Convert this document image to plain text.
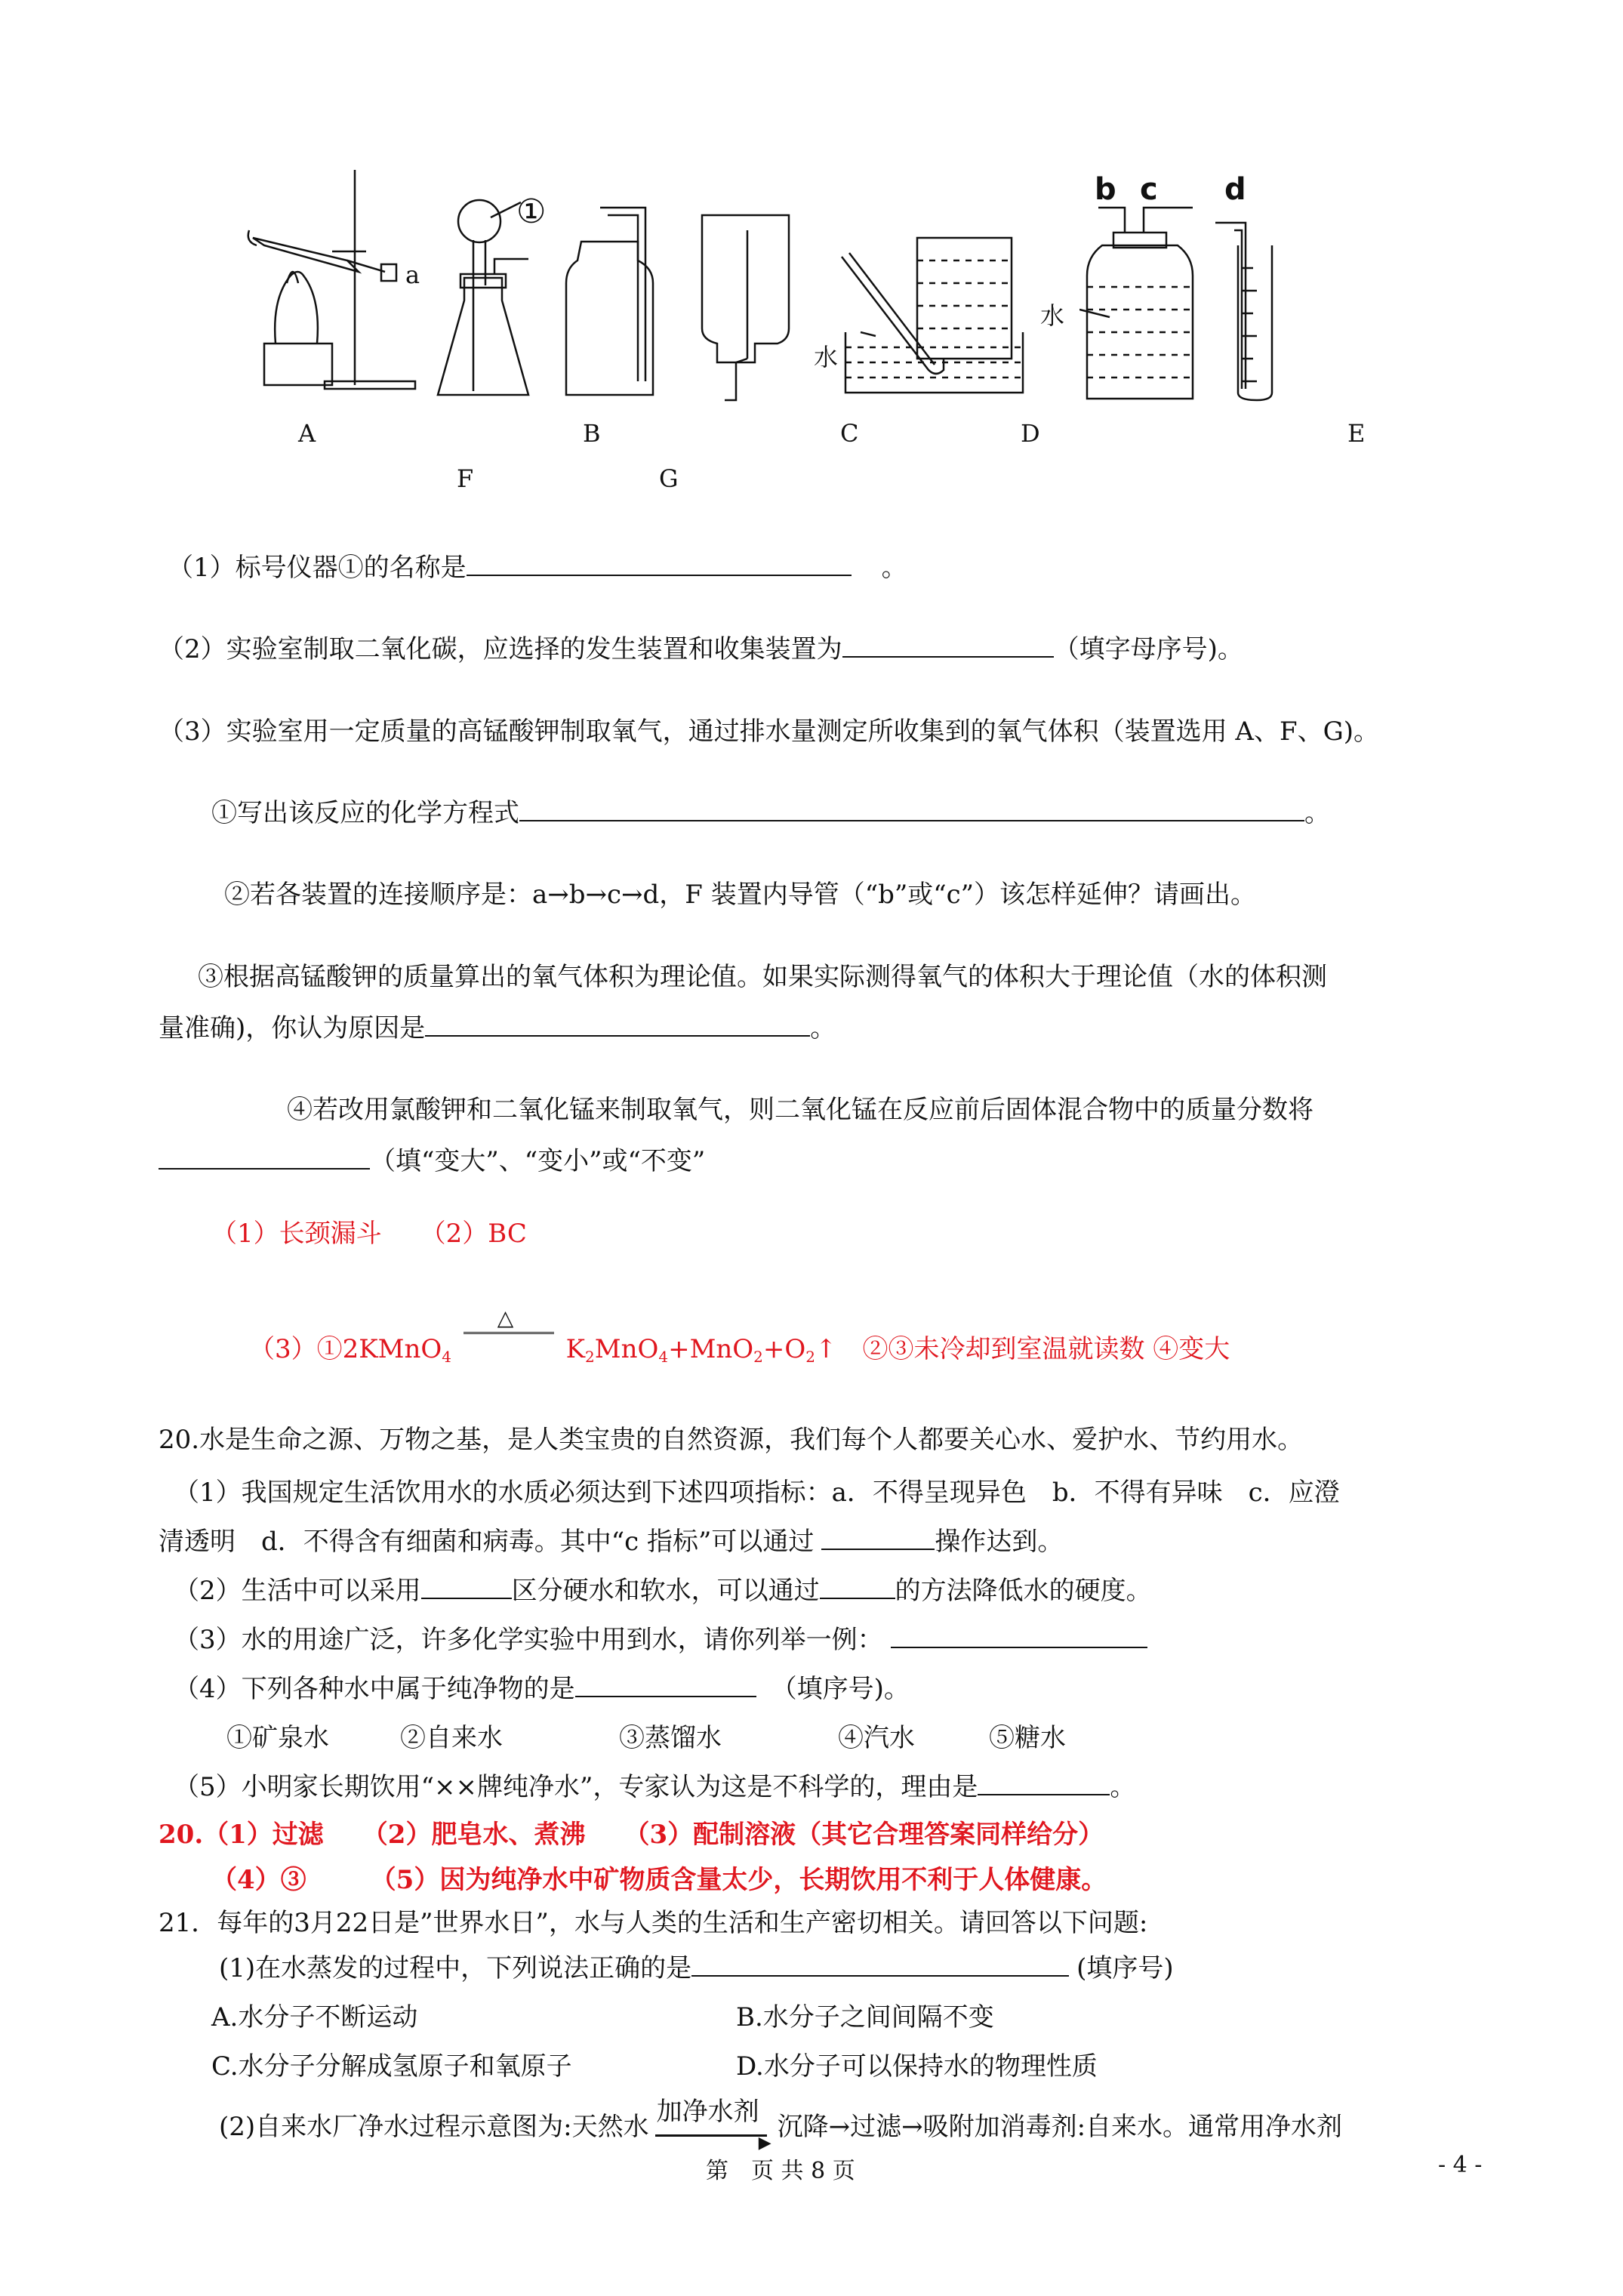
a
①
水
b c
水
d
A	B	C	D	E
F	G
（1）标号仪器①的名称是	。
（2）实验室制取二氧化碳，应选择的发生装置和收集装置为	（填字母序号)。
（3）实验室用一定质量的高锰酸钾制取氧气，通过排水量测定所收集到的氧气体积（装置选用 A、F、G)。
①写出该反应的化学方程式	。
②若各装置的连接顺序是：a→b→c→d，F 装置内导管（“b”或“c”）该怎样延伸？请画出。
③根据高锰酸钾的质量算出的氧气体积为理论值。如果实际测得氧气的体积大于理论值（水的体积测
量准确)，你认为原因是	。
④若改用氯酸钾和二氧化锰来制取氧气，则二氧化锰在反应前后固体混合物中的质量分数将
（填“变大”、“变小”或“不变”
（1）长颈漏斗　　（2）BC
（3）①2KMnO$_4$
△
$K_2MnO_4+MnO_2+O_2↑$　②③未冷却到室温就读数 ④变大
20.水是生命之源、万物之基，是人类宝贵的自然资源，我们每个人都要关心水、爱护水、节约用水。
（1）我国规定生活饮用水的水质必须达到下述四项指标：a．不得呈现异色　b．不得有异味　c．应澄
清透明　d．不得含有细菌和病毒。其中“c 指标”可以通过	操作达到。
（2）生活中可以采用	区分硬水和软水，可以通过	的方法降低水的硬度。
（3）水的用途广泛，许多化学实验中用到水，请你列举一例：
（4）下列各种水中属于纯净物的是	（填序号)。
①矿泉水	②自来水	③蒸馏水	④汽水	⑤糖水
（5）小明家长期饮用“××牌纯净水”，专家认为这是不科学的，理由是	。
20.（1）过滤　　（2）肥皂水、煮沸　　（3）配制溶液（其它合理答案同样给分）
（4）③　　　（5）因为纯净水中矿物质含量太少，长期饮用不利于人体健康。
21．每年的3月22日是”世界水日”，水与人类的生活和生产密切相关。请回答以下问题:
(1)在水蒸发的过程中，下列说法正确的是	(填序号)
A.水分子不断运动	B.水分子之间间隔不变
C.水分子分解成氢原子和氧原子	D.水分子可以保持水的物理性质
(2)自来水厂净水过程示意图为:天然水 加净水剂
▶
沉降→过滤→吸附加消毒剂:自来水。通常用净水剂
第　页 共 8 页	- 4 -
